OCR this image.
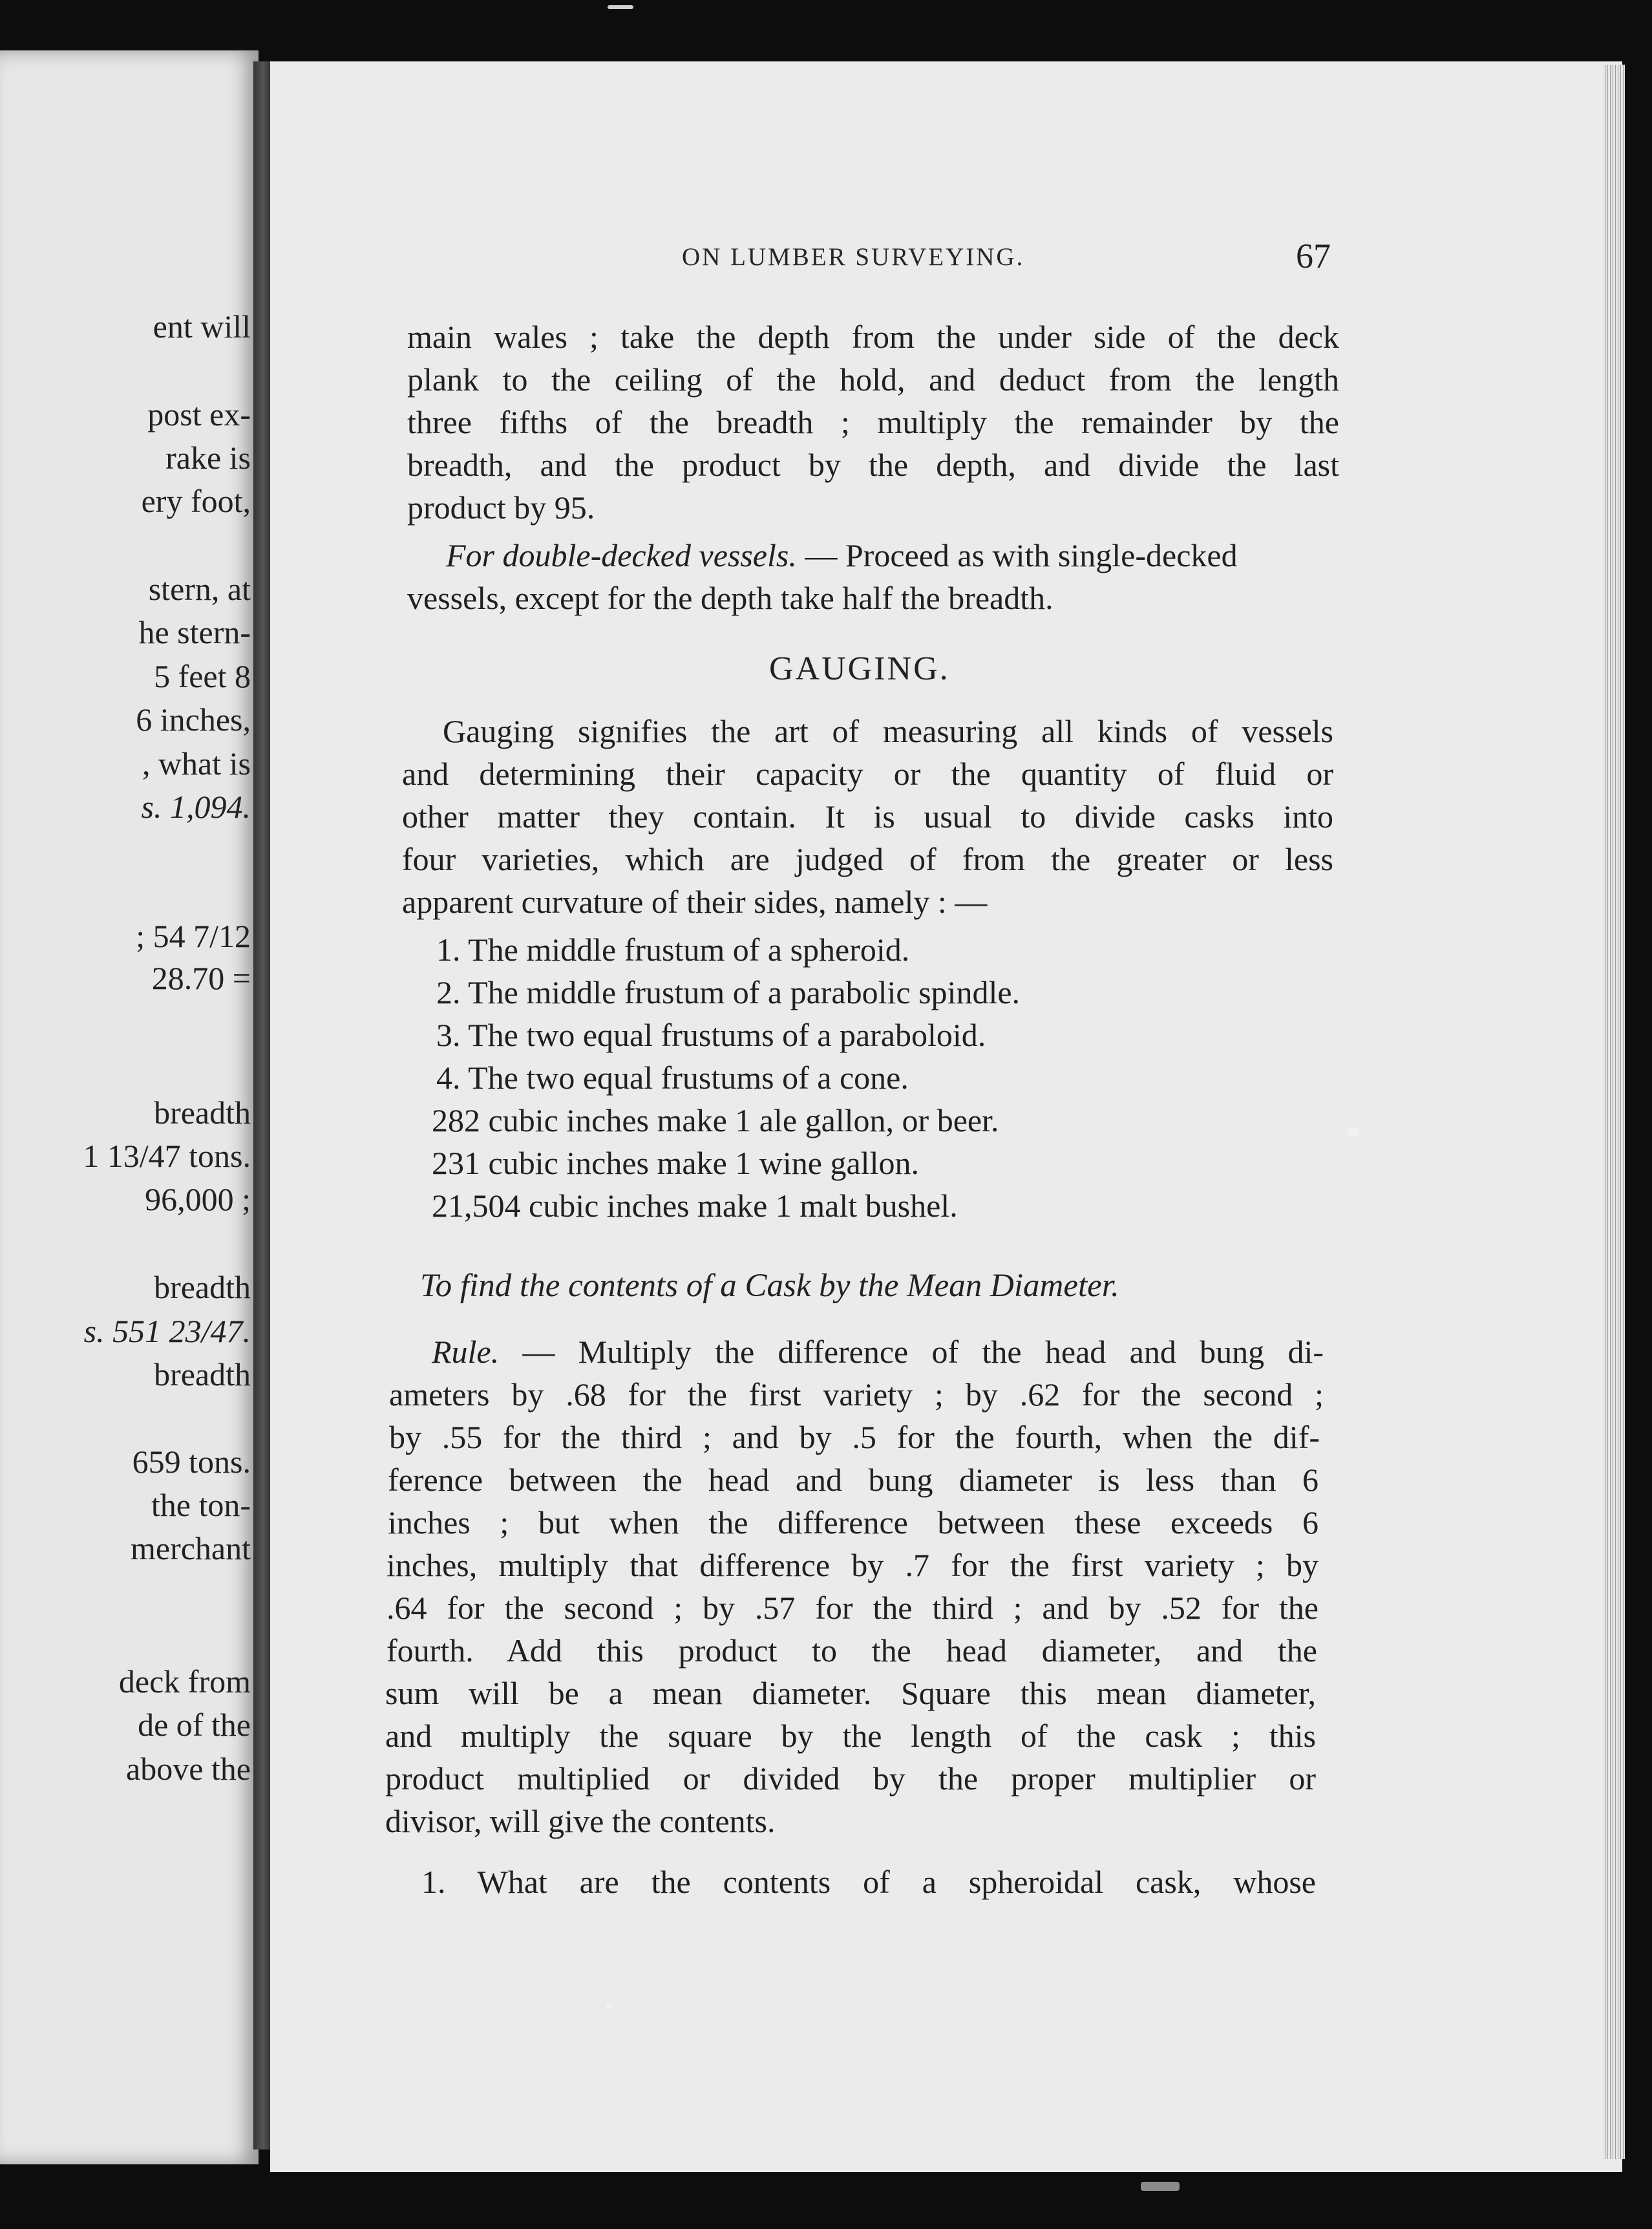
ent will
post ex-
rake is
ery foot,
stern, at
he stern-
5 feet 8
6 inches,
, what is
s. 1,094.
; 54 7/12
28.70 =
breadth
1 13/47 tons.
96,000 ;
breadth
s. 551 23/47.
breadth
659 tons.
the ton-
merchant
deck from
de of the
above the
ON LUMBER SURVEYING.	67
main wales ; take the depth from the under side of the deck
plank to the ceiling of the hold, and deduct from the length
three fifths of the breadth ; multiply the remainder by the
breadth, and the product by the depth, and divide the last
product by 95.
For double-decked vessels. — Proceed as with single-decked
vessels, except for the depth take half the breadth.
GAUGING.
Gauging signifies the art of measuring all kinds of vessels
and determining their capacity or the quantity of fluid or
other matter they contain. It is usual to divide casks into
four varieties, which are judged of from the greater or less
apparent curvature of their sides, namely : —
1. The middle frustum of a spheroid.
2. The middle frustum of a parabolic spindle.
3. The two equal frustums of a paraboloid.
4. The two equal frustums of a cone.
282 cubic inches make 1 ale gallon, or beer.
231 cubic inches make 1 wine gallon.
21,504 cubic inches make 1 malt bushel.
To find the contents of a Cask by the Mean Diameter.
Rule. — Multiply the difference of the head and bung di-
ameters by .68 for the first variety ; by .62 for the second ;
by .55 for the third ; and by .5 for the fourth, when the dif-
ference between the head and bung diameter is less than 6
inches ; but when the difference between these exceeds 6
inches, multiply that difference by .7 for the first variety ; by
.64 for the second ; by .57 for the third ; and by .52 for the
fourth. Add this product to the head diameter, and the
sum will be a mean diameter. Square this mean diameter,
and multiply the square by the length of the cask ; this
product multiplied or divided by the proper multiplier or
divisor, will give the contents.
1. What are the contents of a spheroidal cask, whose
